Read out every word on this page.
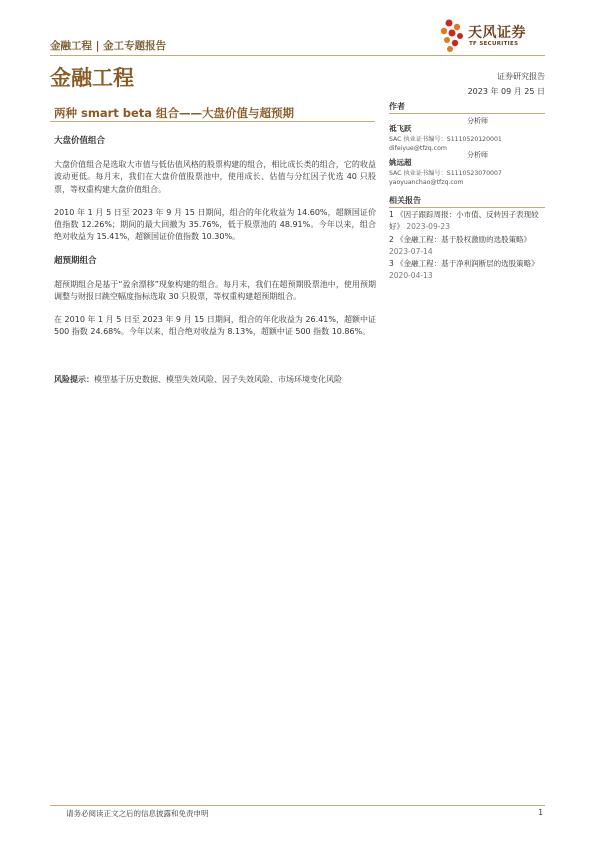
金融工程 | 金工专题报告
天风证券
TF SECURITIES
金融工程	证券研究报告
2023 年 09 月 25 日
两种 smart beta 组合——大盘价值与超预期
大盘价值组合

大盘价值组合是选取大市值与低估值风格的股票构建的组合，相比成长类的组合，它的收益波动更低。每月末，我们在大盘价值股票池中，使用成长、估值与分红因子优选 40 只股票，等权重构建大盘价值组合。

2010 年 1 月 5 日至 2023 年 9 月 15 日期间，组合的年化收益为 14.60%，超额国证价值指数 12.26%；期间的最大回撤为 35.76%，低于股票池的 48.91%。今年以来，组合绝对收益为 15.41%，超额国证价值指数 10.30%。

超预期组合

超预期组合是基于“盈余漂移”现象构建的组合。每月末，我们在超预期股票池中，使用预期调整与财报日跳空幅度指标选取 30 只股票，等权重构建超预期组合。

在 2010 年 1 月 5 日至 2023 年 9 月 15 日期间，组合的年化收益为 26.41%，超额中证 500 指数 24.68%。今年以来，组合绝对收益为 8.13%，超额中证 500 指数 10.86%。

风险提示：模型基于历史数据、模型失效风险、因子失效风险、市场环境变化风险

作者
祗飞跃
分析师
SAC 执业证书编号：S1110520120001
difeiyue@tfzq.com
姚远超
分析师
SAC 执业证书编号：S1110523070007
yaoyuanchao@tfzq.com
相关报告
1 《因子跟踪周报：小市值、反转因子表现较好》 2023-09-23
2 《金融工程：基于股权激励的选股策略》 2023-07-14
3 《金融工程：基于净利润断层的选股策略》 2020-04-13
请务必阅读正文之后的信息披露和免责申明	1
